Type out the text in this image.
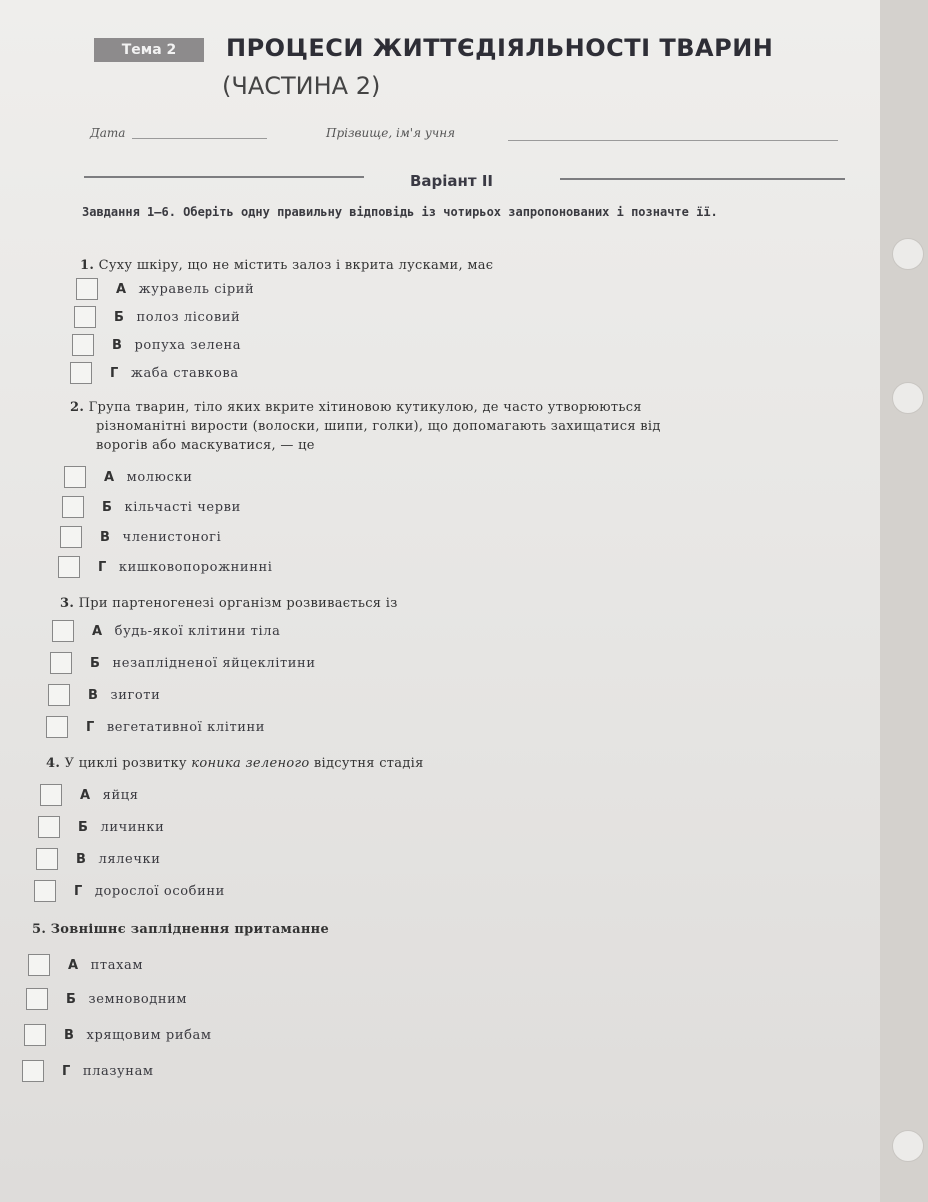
Тема 2	ПРОЦЕСИ ЖИТТЄДІЯЛЬНОСТІ ТВАРИН
(ЧАСТИНА 2)
Дата	Прізвище, ім'я учня
Варіант II
Завдання 1–6. Оберіть одну правильну відповідь із чотирьох запропонованих і позначте її.
1. Суху шкіру, що не містить залоз і вкрита лусками, має
А журавель сірий
Б полоз лісовий
В ропуха зелена
Г жаба ставкова
2. Група тварин, тіло яких вкрите хітиновою кутикулою, де часто утворюються
різноманітні вирости (волоски, шипи, голки), що допомагають захищатися від
ворогів або маскуватися, — це
А молюски
Б кільчасті черви
В членистоногі
Г кишковопорожнинні
3. При партеногенезі організм розвивається із
А будь-якої клітини тіла
Б незаплідненої яйцеклітини
В зиготи
Г вегетативної клітини
4. У циклі розвитку коника зеленого відсутня стадія
А яйця
Б личинки
В лялечки
Г дорослої особини
5. Зовнішнє запліднення притаманне
А птахам
Б земноводним
В хрящовим рибам
Г плазунам
